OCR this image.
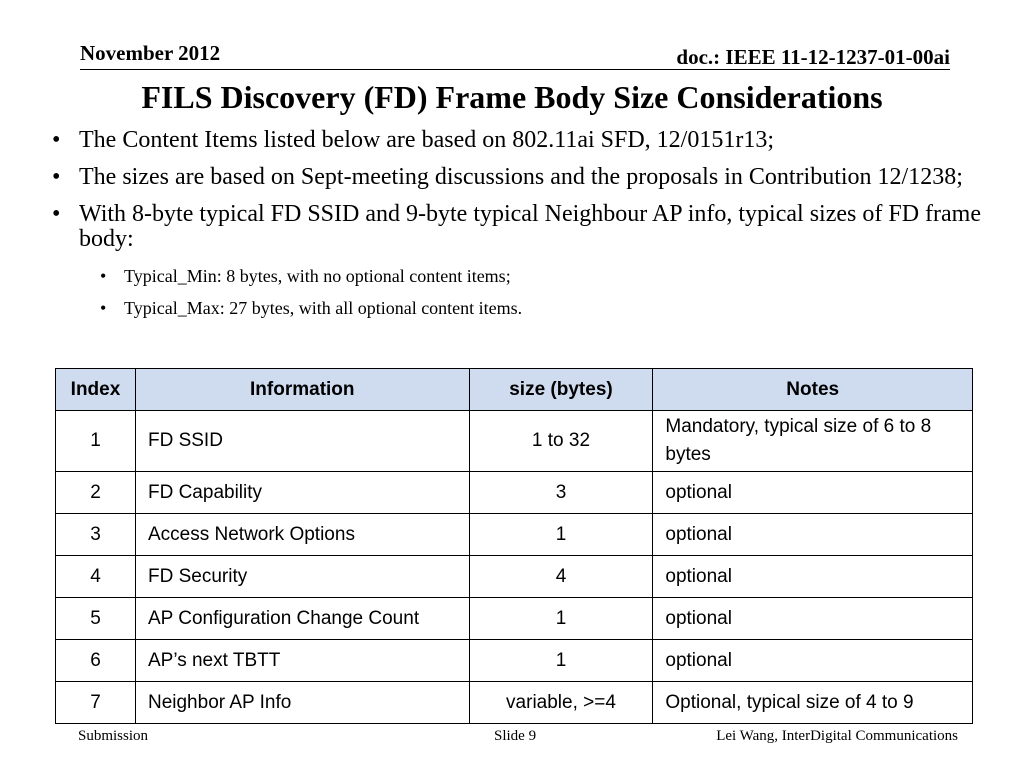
November 2012	doc.: IEEE 11-12-1237-01-00ai
FILS Discovery (FD) Frame Body Size Considerations
• The Content Items listed below are based on 802.11ai SFD, 12/0151r13;
• The sizes are based on Sept-meeting discussions and the proposals in Contribution 12/1238;
• With 8-byte typical FD SSID and 9-byte typical Neighbour AP info, typical sizes of FD frame body:
• Typical_Min: 8 bytes, with no optional content items;
• Typical_Max: 27 bytes, with all optional content items.
Index	Information	size (bytes)	Notes
1	FD SSID	1 to 32	Mandatory, typical size of 6 to 8 bytes
2	FD Capability	3	optional
3	Access Network Options	1	optional
4	FD Security	4	optional
5	AP Configuration Change Count	1	optional
6	AP’s next TBTT	1	optional
7	Neighbor AP Info	variable, >=4	Optional, typical size of 4 to 9
Submission	Slide 9	Lei Wang, InterDigital Communications
